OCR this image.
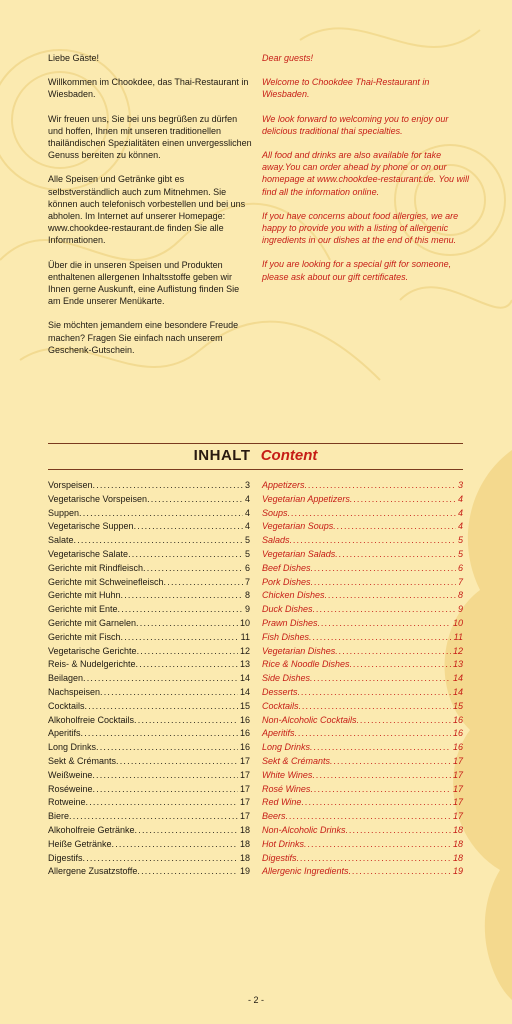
Liebe Gäste!

Willkommen im Chookdee, das Thai-Restaurant in Wiesbaden.

Wir freuen uns, Sie bei uns begrüßen zu dürfen und hoffen, Ihnen mit unseren traditionellen thailändischen Spezialitäten einen unvergesslichen Genuss bereiten zu können.

Alle Speisen und Getränke gibt es selbstverständlich auch zum Mitnehmen. Sie können auch telefonisch vorbestellen und bei uns abholen. Im Internet auf unserer Homepage: www.chookdee-restaurant.de finden Sie alle Informationen.

Über die in unseren Speisen und Produkten enthaltenen allergenen Inhaltsstoffe geben wir Ihnen gerne Auskunft, eine Auflistung finden Sie am Ende unserer Menükarte.

Sie möchten jemandem eine besondere Freude machen? Fragen Sie einfach nach unserem Geschenk-Gutschein.

Dear guests!

Welcome to Chookdee Thai-Restaurant in Wiesbaden.

We look forward to welcoming you to enjoy our delicious traditional thai specialties.

All food and drinks are also available for take away.You can order ahead by phone or on our homepage at www.chookdee-restaurant.de. You will find all the information online.

If you have concerns about food allergies, we are happy to provide you with a listing of allergenic ingredients in our dishes at the end of this menu.

If you are looking for a special gift for someone, please ask about our gift certificates.

INHALT Content
Vorspeisen .....	3
Vegetarische Vorspeisen .....	4
Suppen .....	4
Vegetarische Suppen .....	4
Salate .....	5
Vegetarische Salate .....	5
Gerichte mit Rindfleisch .....	6
Gerichte mit Schweinefleisch .....	7
Gerichte mit Huhn .....	8
Gerichte mit Ente .....	9
Gerichte mit Garnelen .....	10
Gerichte mit Fisch .....	11
Vegetarische Gerichte .....	12
Reis- & Nudelgerichte .....	13
Beilagen .....	14
Nachspeisen .....	14
Cocktails .....	15
Alkoholfreie Cocktails .....	16
Aperitifs .....	16
Long Drinks .....	16
Sekt & Crémants .....	17
Weißweine .....	17
Roséweine .....	17
Rotweine .....	17
Biere .....	17
Alkoholfreie Getränke .....	18
Heiße Getränke .....	18
Digestifs .....	18
Allergene Zusatzstoffe .....	19
Appetizers .....	3
Vegetarian Appetizers .....	4
Soups .....	4
Vegetarian Soups .....	4
Salads .....	5
Vegetarian Salads .....	5
Beef Dishes .....	6
Pork Dishes .....	7
Chicken Dishes .....	8
Duck Dishes .....	9
Prawn Dishes .....	10
Fish Dishes .....	11
Vegetarian Dishes .....	12
Rice & Noodle Dishes .....	13
Side Dishes .....	14
Desserts .....	14
Cocktails .....	15
Non-Alcoholic Cocktails .....	16
Aperitifs .....	16
Long Drinks .....	16
Sekt & Crémants .....	17
White Wines .....	17
Rosé Wines .....	17
Red Wine .....	17
Beers .....	17
Non-Alcoholic Drinks .....	18
Hot Drinks .....	18
Digestifs .....	18
Allergenic Ingredients .....	19
- 2 -
